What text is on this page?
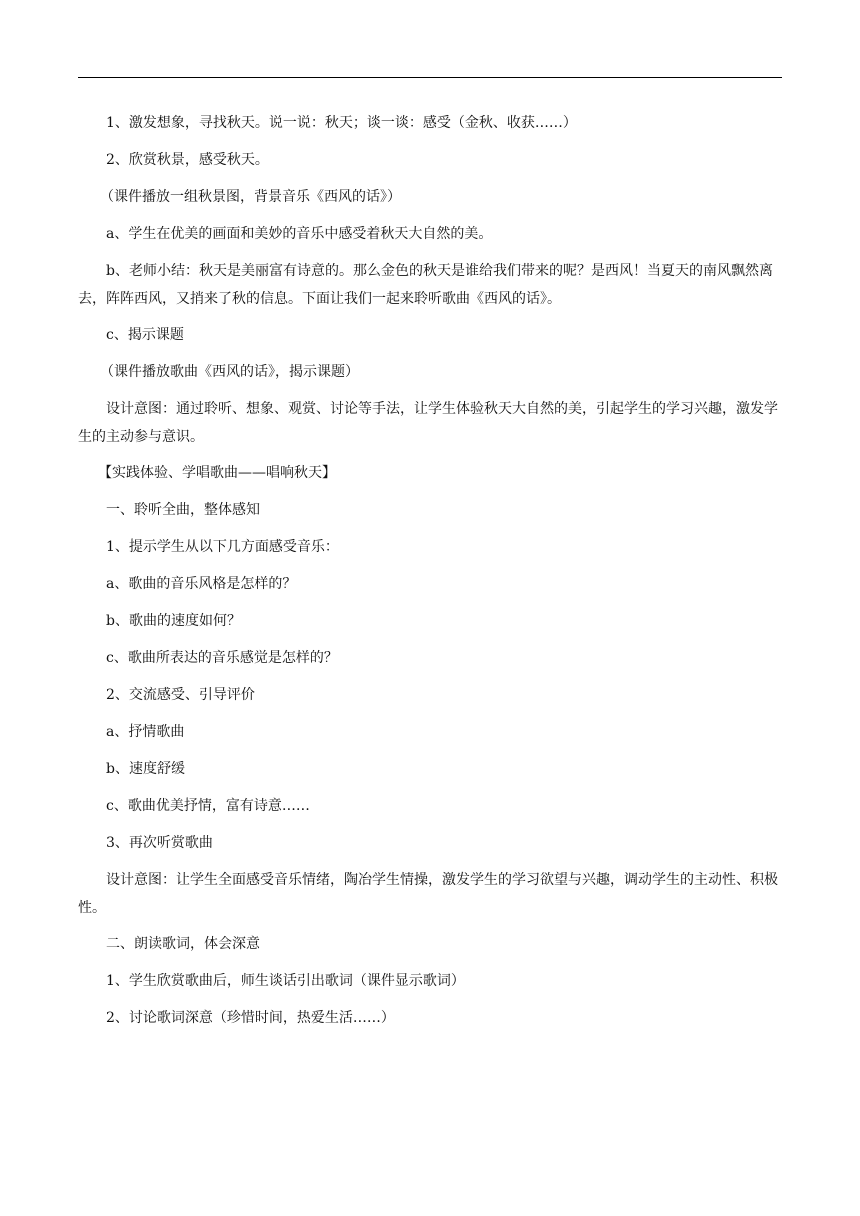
1、激发想象，寻找秋天。说一说：秋天；谈一谈：感受（金秋、收获……）

2、欣赏秋景，感受秋天。

（课件播放一组秋景图，背景音乐《西风的话》）

a、学生在优美的画面和美妙的音乐中感受着秋天大自然的美。

b、老师小结：秋天是美丽富有诗意的。那么金色的秋天是谁给我们带来的呢？是西风！当夏天的南风飘然离去，阵阵西风，又捎来了秋的信息。下面让我们一起来聆听歌曲《西风的话》。

c、揭示课题

（课件播放歌曲《西风的话》，揭示课题）

设计意图：通过聆听、想象、观赏、讨论等手法，让学生体验秋天大自然的美，引起学生的学习兴趣，激发学生的主动参与意识。

【实践体验、学唱歌曲——唱响秋天】

一、聆听全曲，整体感知

1、提示学生从以下几方面感受音乐：

a、歌曲的音乐风格是怎样的？

b、歌曲的速度如何？

c、歌曲所表达的音乐感觉是怎样的？

2、交流感受、引导评价

a、抒情歌曲

b、速度舒缓

c、歌曲优美抒情，富有诗意……

3、再次听赏歌曲

设计意图：让学生全面感受音乐情绪，陶冶学生情操，激发学生的学习欲望与兴趣，调动学生的主动性、积极性。

二、朗读歌词，体会深意

1、学生欣赏歌曲后，师生谈话引出歌词（课件显示歌词）

2、讨论歌词深意（珍惜时间，热爱生活……）
